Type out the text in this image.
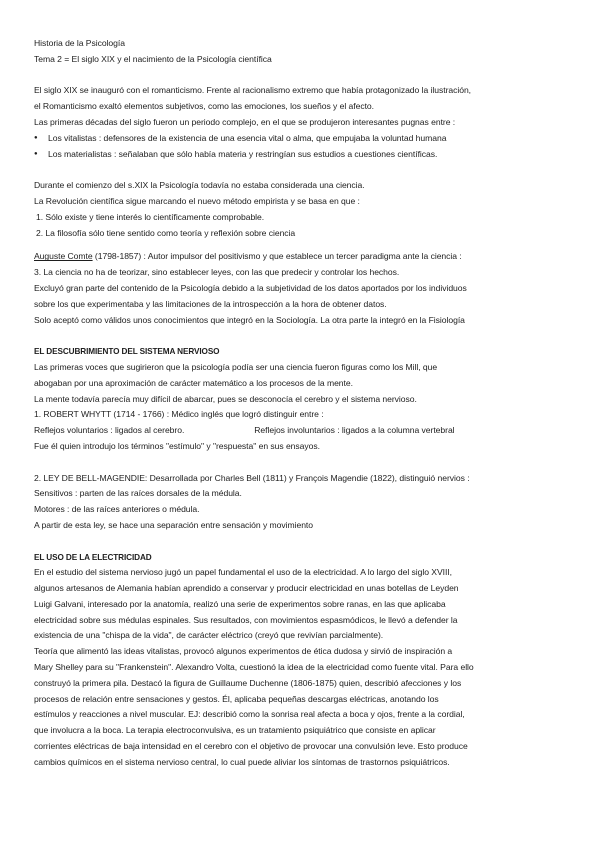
Historia de la Psicología
Tema 2 = El siglo XIX y el nacimiento de la Psicología científica
El siglo XIX se inauguró con el romanticismo. Frente al racionalismo extremo que había protagonizado la ilustración,
el Romanticismo exaltó elementos subjetivos, como las emociones, los sueños y el afecto.
Las primeras décadas del siglo fueron un periodo complejo, en el que se produjeron interesantes pugnas entre :
● Los vitalistas : defensores de la existencia de una esencia vital o alma, que empujaba la voluntad humana
● Los materialistas : señalaban que sólo había materia y restringían sus estudios a cuestiones científicas.
Durante el comienzo del s.XIX la Psicología todavía no estaba considerada una ciencia.
La Revolución científica sigue marcando el nuevo método empirista y se basa en que :
1. Sólo existe y tiene interés lo científicamente comprobable.
2. La filosofía sólo tiene sentido como teoría y reflexión sobre ciencia
Auguste Comte (1798-1857) : Autor impulsor del positivismo y que establece un tercer paradigma ante la ciencia :
3. La ciencia no ha de teorizar, sino establecer leyes, con las que predecir y controlar los hechos.
Excluyó gran parte del contenido de la Psicología debido a la subjetividad de los datos aportados por los individuos
sobre los que experimentaba y las limitaciones de la introspección a la hora de obtener datos.
Solo aceptó como válidos unos conocimientos que integró en la Sociología. La otra parte la integró en la Fisiología
EL DESCUBRIMIENTO DEL SISTEMA NERVIOSO
Las primeras voces que sugirieron que la psicología podía ser una ciencia fueron figuras como los Mill, que
abogaban por una aproximación de carácter matemático a los procesos de la mente.
La mente todavía parecía muy difícil de abarcar, pues se desconocía el cerebro y el sistema nervioso.
1. ROBERT WHYTT (1714 - 1766) : Médico inglés que logró distinguir entre :
Reflejos voluntarios : ligados al cerebro.	Reflejos involuntarios : ligados a la columna vertebral
Fue él quien introdujo los términos "estímulo" y "respuesta" en sus ensayos.
2. LEY DE BELL-MAGENDIE: Desarrollada por Charles Bell (1811) y François Magendie (1822), distinguió nervios :
Sensitivos : parten de las raíces dorsales de la médula.
Motores : de las raíces anteriores o médula.
A partir de esta ley, se hace una separación entre sensación y movimiento
EL USO DE LA ELECTRICIDAD
En el estudio del sistema nervioso jugó un papel fundamental el uso de la electricidad. A lo largo del siglo XVIII,
algunos artesanos de Alemania habían aprendido a conservar y producir electricidad en unas botellas de Leyden
Luigi Galvani, interesado por la anatomía, realizó una serie de experimentos sobre ranas, en las que aplicaba
electricidad sobre sus médulas espinales. Sus resultados, con movimientos espasmódicos, le llevó a defender la
existencia de una "chispa de la vida", de carácter eléctrico (creyó que revivían parcialmente).
Teoría que alimentó las ideas vitalistas, provocó algunos experimentos de ética dudosa y sirvió de inspiración a
Mary Shelley para su "Frankenstein". Alexandro Volta, cuestionó la idea de la electricidad como fuente vital. Para ello
construyó la primera pila. Destacó la figura de Guillaume Duchenne (1806-1875) quien, describió afecciones y los
procesos de relación entre sensaciones y gestos. Él, aplicaba pequeñas descargas eléctricas, anotando los
estímulos y reacciones a nivel muscular. EJ: describió como la sonrisa real afecta a boca y ojos, frente a la cordial,
que involucra a la boca. La terapia electroconvulsiva, es un tratamiento psiquiátrico que consiste en aplicar
corrientes eléctricas de baja intensidad en el cerebro con el objetivo de provocar una convulsión leve. Esto produce
cambios químicos en el sistema nervioso central, lo cual puede aliviar los síntomas de trastornos psiquiátricos.
